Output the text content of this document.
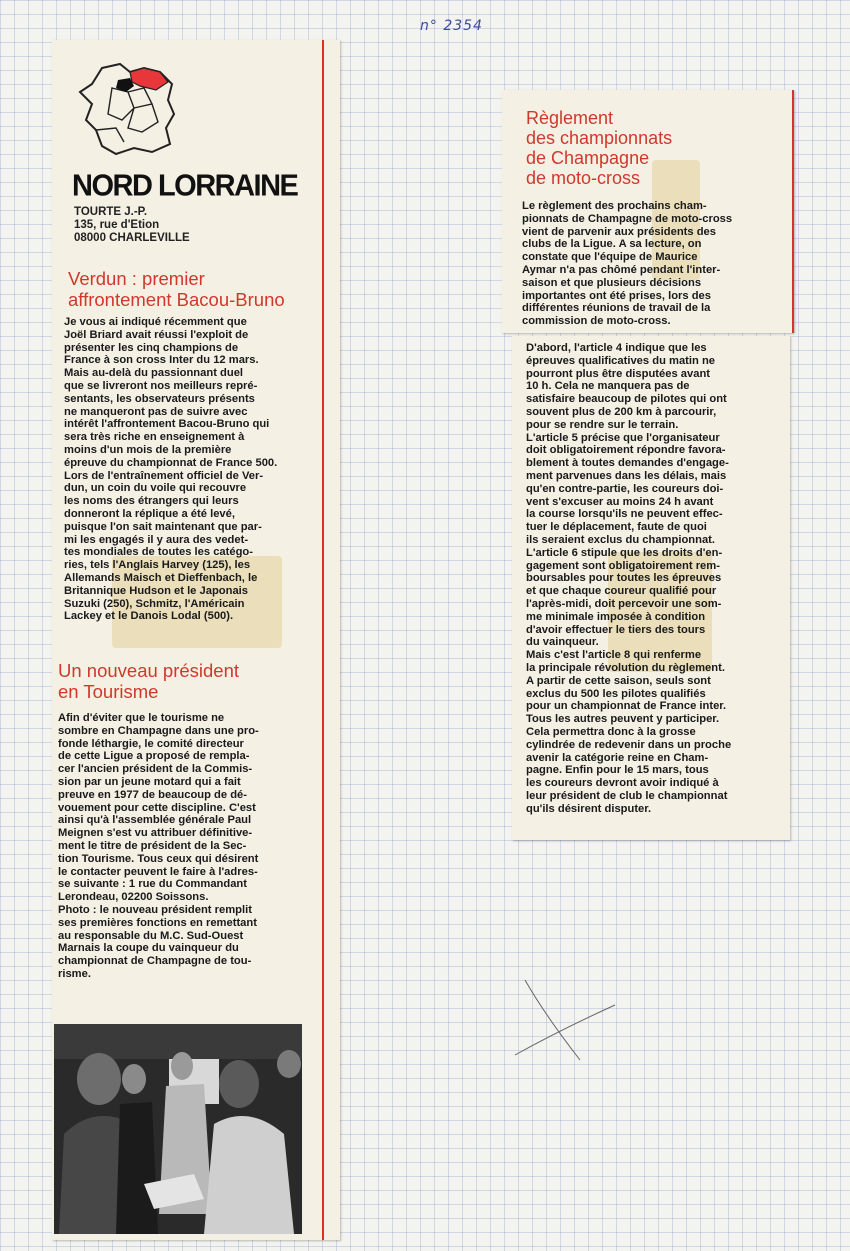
n° 2354
NORD LORRAINE
TOURTE J.-P.
135, rue d'Etion
08000 CHARLEVILLE
Verdun : premier
affrontement Bacou-Bruno
Je vous ai indiqué récemment que
Joël Briard avait réussi l'exploit de
présenter les cinq champions de
France à son cross Inter du 12 mars.
Mais au-delà du passionnant duel
que se livreront nos meilleurs repré-
sentants, les observateurs présents
ne manqueront pas de suivre avec
intérêt l'affrontement Bacou-Bruno qui
sera très riche en enseignement à
moins d'un mois de la première
épreuve du championnat de France 500.
Lors de l'entraînement officiel de Ver-
dun, un coin du voile qui recouvre
les noms des étrangers qui leurs
donneront la réplique a été levé,
puisque l'on sait maintenant que par-
mi les engagés il y aura des vedet-
tes mondiales de toutes les catégo-
ries, tels l'Anglais Harvey (125), les
Allemands Maisch et Dieffenbach, le
Britannique Hudson et le Japonais
Suzuki (250), Schmitz, l'Américain
Lackey et le Danois Lodal (500).
Un nouveau président
en Tourisme
Afin d'éviter que le tourisme ne
sombre en Champagne dans une pro-
fonde léthargie, le comité directeur
de cette Ligue a proposé de rempla-
cer l'ancien président de la Commis-
sion par un jeune motard qui a fait
preuve en 1977 de beaucoup de dé-
vouement pour cette discipline. C'est
ainsi qu'à l'assemblée générale Paul
Meignen s'est vu attribuer définitive-
ment le titre de président de la Sec-
tion Tourisme. Tous ceux qui désirent
le contacter peuvent le faire à l'adres-
se suivante : 1 rue du Commandant
Lerondeau, 02200 Soissons.
Photo : le nouveau président remplit
ses premières fonctions en remettant
au responsable du M.C. Sud-Ouest
Marnais la coupe du vainqueur du
championnat de Champagne de tou-
risme.
Règlement
des championnats
de Champagne
de moto-cross
Le règlement des prochains cham-
pionnats de Champagne de moto-cross
vient de parvenir aux présidents des
clubs de la Ligue. A sa lecture, on
constate que l'équipe de Maurice
Aymar n'a pas chômé pendant l'inter-
saison et que plusieurs décisions
importantes ont été prises, lors des
différentes réunions de travail de la
commission de moto-cross.
D'abord, l'article 4 indique que les
épreuves qualificatives du matin ne
pourront plus être disputées avant
10 h. Cela ne manquera pas de
satisfaire beaucoup de pilotes qui ont
souvent plus de 200 km à parcourir,
pour se rendre sur le terrain.
L'article 5 précise que l'organisateur
doit obligatoirement répondre favora-
blement à toutes demandes d'engage-
ment parvenues dans les délais, mais
qu'en contre-partie, les coureurs doi-
vent s'excuser au moins 24 h avant
la course lorsqu'ils ne peuvent effec-
tuer le déplacement, faute de quoi
ils seraient exclus du championnat.
L'article 6 stipule que les droits d'en-
gagement sont obligatoirement rem-
boursables pour toutes les épreuves
et que chaque coureur qualifié pour
l'après-midi, doit percevoir une som-
me minimale imposée à condition
d'avoir effectuer le tiers des tours
du vainqueur.
Mais c'est l'article 8 qui renferme
la principale révolution du règlement.
A partir de cette saison, seuls sont
exclus du 500 les pilotes qualifiés
pour un championnat de France inter.
Tous les autres peuvent y participer.
Cela permettra donc à la grosse
cylindrée de redevenir dans un proche
avenir la catégorie reine en Cham-
pagne. Enfin pour le 15 mars, tous
les coureurs devront avoir indiqué à
leur président de club le championnat
qu'ils désirent disputer.
